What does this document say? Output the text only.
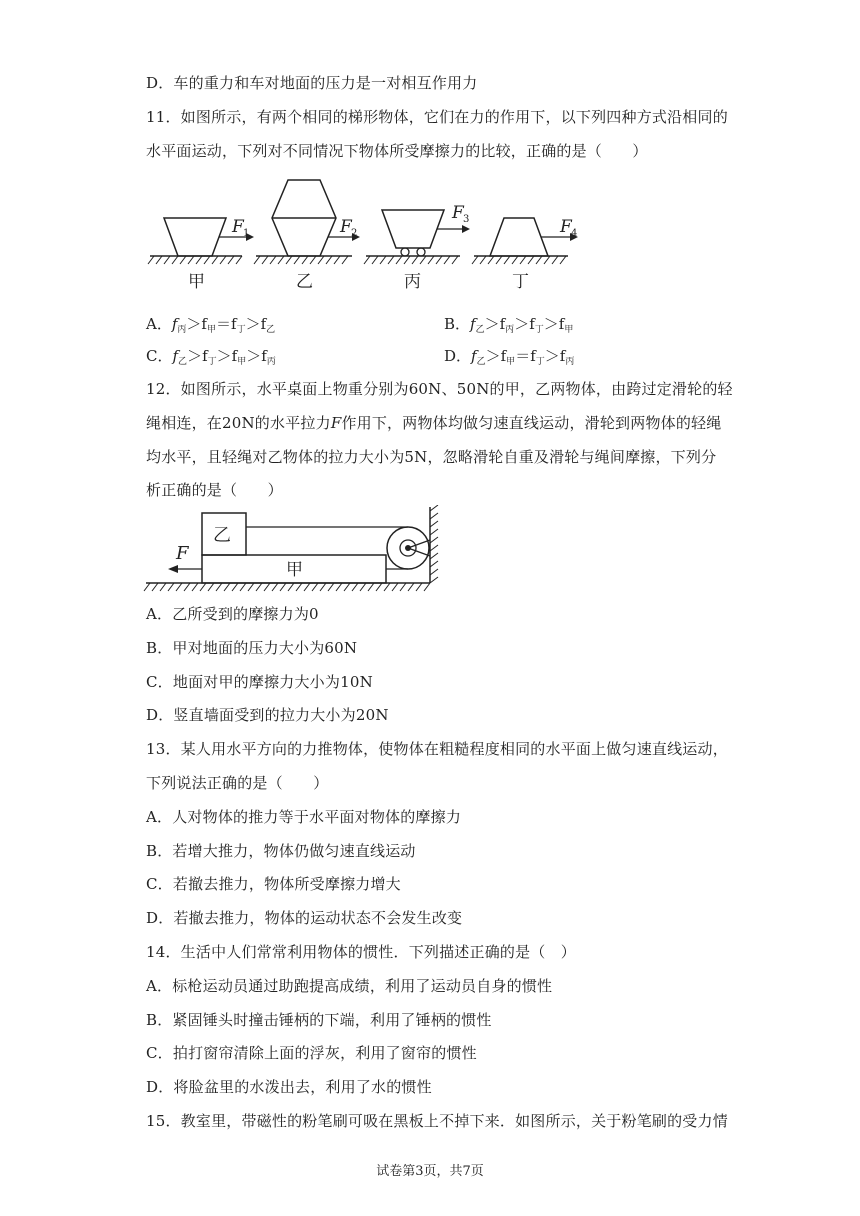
D．车的重力和车对地面的压力是一对相互作用力
11．如图所示，有两个相同的梯形物体，它们在力的作用下，以下列四种方式沿相同的
水平面运动，下列对不同情况下物体所受摩擦力的比较，正确的是（　　）
F 1	F 2
F 3	F 4
甲	乙	丙	丁
A．$f_丙>f_甲=f_丁>f_乙$	B．$f_乙>f_丙>f_丁>f_甲$
C．$f_乙>f_丁>f_甲>f_丙$	D．$f_乙>f_甲=f_丁>f_丙$
12．如图所示，水平桌面上物重分别为60N、50N的甲，乙两物体，由跨过定滑轮的轻
绳相连，在20N的水平拉力F作用下，两物体均做匀速直线运动，滑轮到两物体的轻绳
均水平，且轻绳对乙物体的拉力大小为5N，忽略滑轮自重及滑轮与绳间摩擦，下列分
析正确的是（　　）
F
乙
甲
A．乙所受到的摩擦力为0
B．甲对地面的压力大小为60N
C．地面对甲的摩擦力大小为10N
D．竖直墙面受到的拉力大小为20N
13．某人用水平方向的力推物体，使物体在粗糙程度相同的水平面上做匀速直线运动，
下列说法正确的是（　　）
A．人对物体的推力等于水平面对物体的摩擦力
B．若增大推力，物体仍做匀速直线运动
C．若撤去推力，物体所受摩擦力增大
D．若撤去推力，物体的运动状态不会发生改变
14．生活中人们常常利用物体的惯性．下列描述正确的是（　）
A．标枪运动员通过助跑提高成绩，利用了运动员自身的惯性
B．紧固锤头时撞击锤柄的下端，利用了锤柄的惯性
C．拍打窗帘清除上面的浮灰，利用了窗帘的惯性
D．将脸盆里的水泼出去，利用了水的惯性
15．教室里，带磁性的粉笔刷可吸在黑板上不掉下来．如图所示，关于粉笔刷的受力情
试卷第3页，共7页
